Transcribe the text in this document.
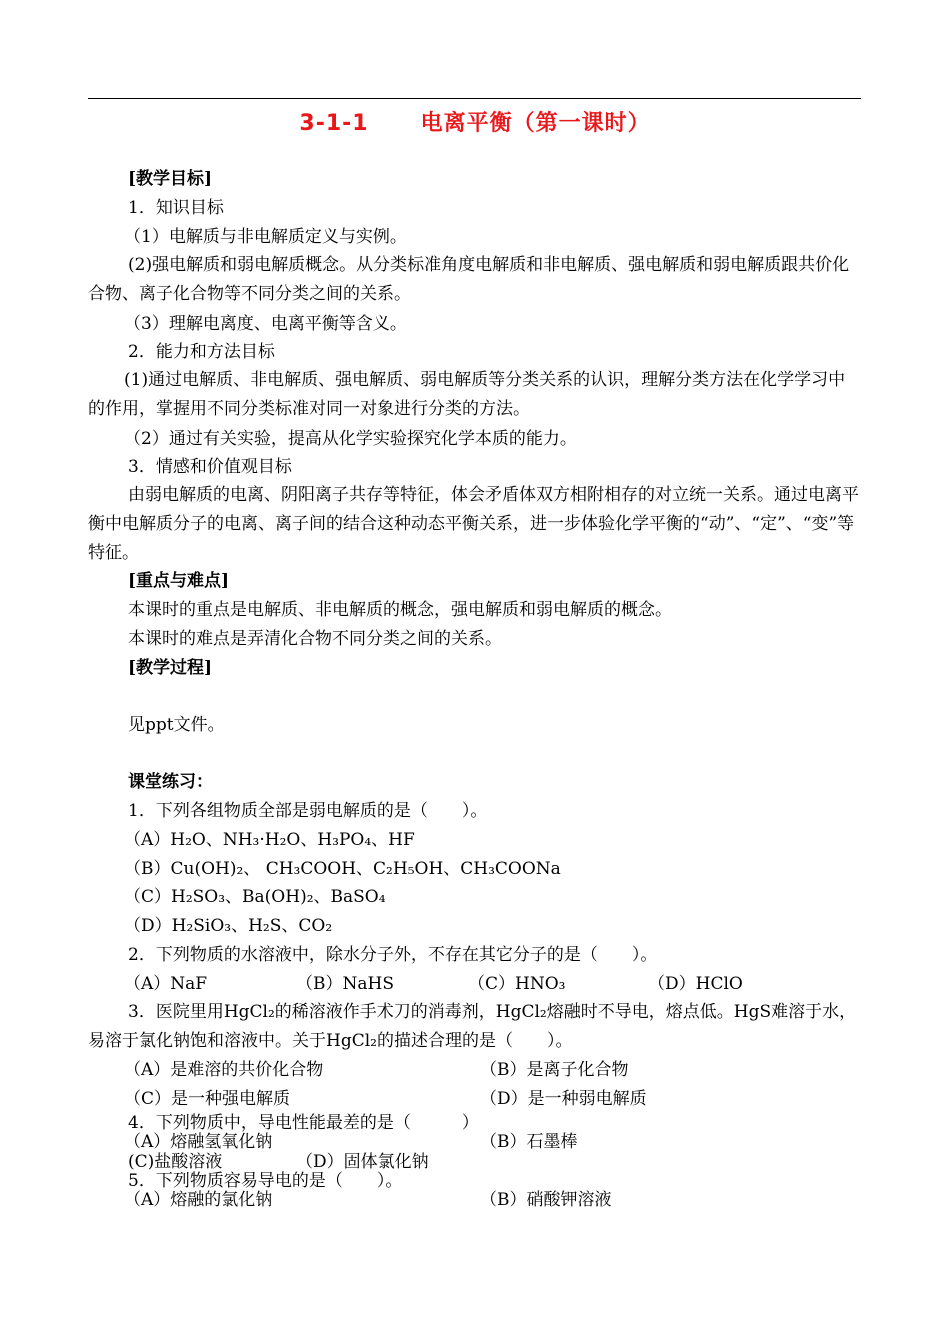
3-1-1 电离平衡（第一课时）
[教学目标]
1．知识目标
（1）电解质与非电解质定义与实例。
(2)强电解质和弱电解质概念。从分类标准角度电解质和非电解质、强电解质和弱电解质跟共价化合物、离子化合物等不同分类之间的关系。
（3）理解电离度、电离平衡等含义。
2．能力和方法目标
(1)通过电解质、非电解质、强电解质、弱电解质等分类关系的认识，理解分类方法在化学学习中的作用，掌握用不同分类标准对同一对象进行分类的方法。
（2）通过有关实验，提高从化学实验探究化学本质的能力。
3．情感和价值观目标
由弱电解质的电离、阴阳离子共存等特征，体会矛盾体双方相附相存的对立统一关系。通过电离平衡中电解质分子的电离、离子间的结合这种动态平衡关系，进一步体验化学平衡的“动”、“定”、“变”等特征。
[重点与难点]
本课时的重点是电解质、非电解质的概念，强电解质和弱电解质的概念。
本课时的难点是弄清化合物不同分类之间的关系。
[教学过程]
见ppt文件。
课堂练习：
1．下列各组物质全部是弱电解质的是（　　）。
（A）H₂O、NH₃·H₂O、H₃PO₄、HF
（B）Cu(OH)₂、 CH₃COOH、C₂H₅OH、CH₃COONa
（C）H₂SO₃、Ba(OH)₂、BaSO₄
（D）H₂SiO₃、H₂S、CO₂
2．下列物质的水溶液中，除水分子外，不存在其它分子的是（　　）。
（A）NaF	（B）NaHS	（C）HNO₃	（D）HClO
3．医院里用HgCl₂的稀溶液作手术刀的消毒剂，HgCl₂熔融时不导电，熔点低。HgS难溶于水，易溶于氯化钠饱和溶液中。关于HgCl₂的描述合理的是（　　）。
（A）是难溶的共价化合物	（B）是离子化合物
（C）是一种强电解质	（D）是一种弱电解质
4．下列物质中，导电性能最差的是（　　　）
（A）熔融氢氧化钠	（B）石墨棒
(C)盐酸溶液	（D）固体氯化钠
5．下列物质容易导电的是（　　）。
（A）熔融的氯化钠	（B）硝酸钾溶液
